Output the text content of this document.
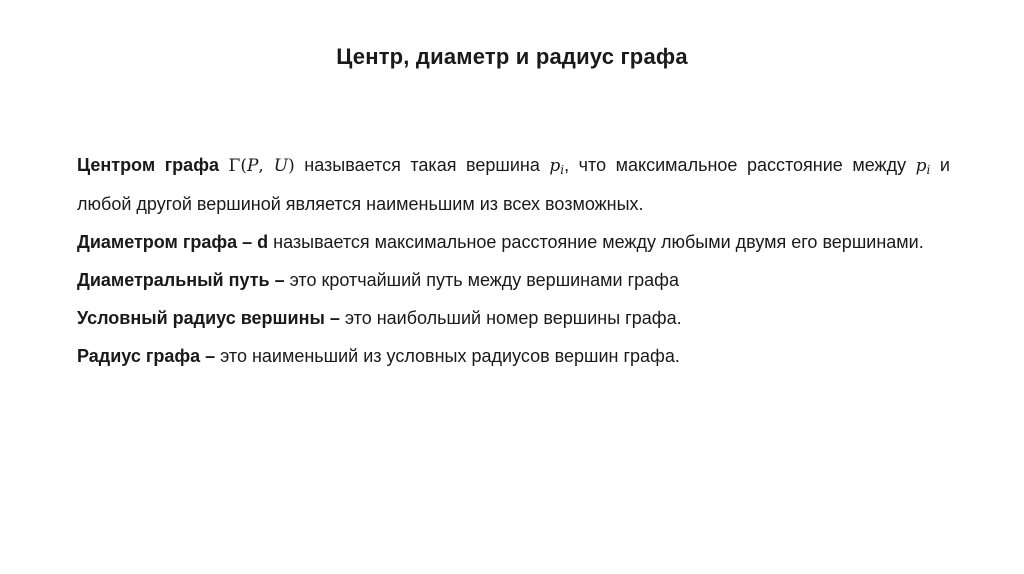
Центр, диаметр и радиус графа

Центром графа Γ(P, U) называется такая вершина $p_i$, что максимальное расстояние между $p_i$ и любой другой вершиной является наименьшим из всех возможных.

Диаметром графа – d называется максимальное расстояние между любыми двумя его вершинами.

Диаметральный путь – это кротчайший путь между вершинами графа

Условный радиус вершины – это наибольший номер вершины графа.

Радиус графа – это наименьший из условных радиусов вершин графа.
